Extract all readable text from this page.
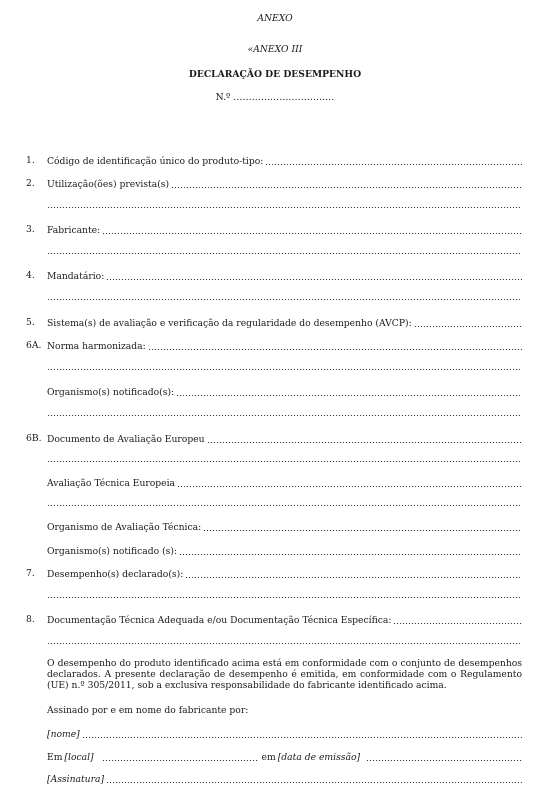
ANEXO
«ANEXO III
DECLARAÇÃO DE DESEMPENHO
N.º ……………………………
1. Código de identificação único do produto-tipo:
2. Utilização(ões) prevista(s)
3. Fabricante:
4. Mandatário:
5. Sistema(s) de avaliação e verificação da regularidade do desempenho (AVCP):
6A. Norma harmonizada:
Organismo(s) notificado(s):
6B. Documento de Avaliação Europeu
Avaliação Técnica Europeia
Organismo de Avaliação Técnica:
Organismo(s) notificado (s):
7. Desempenho(s) declarado(s):
8. Documentação Técnica Adequada e/ou Documentação Técnica Específica:
O desempenho do produto identificado acima está em conformidade com o conjunto de desempenhos declarados. A presente declaração de desempenho é emitida, em conformidade com o Regulamento (UE) n.º 305/2011, sob a exclusiva responsabilidade do fabricante identificado acima.
Assinado por e em nome do fabricante por:
[nome]
Em [local]	em [data de emissão]
[Assinatura]
